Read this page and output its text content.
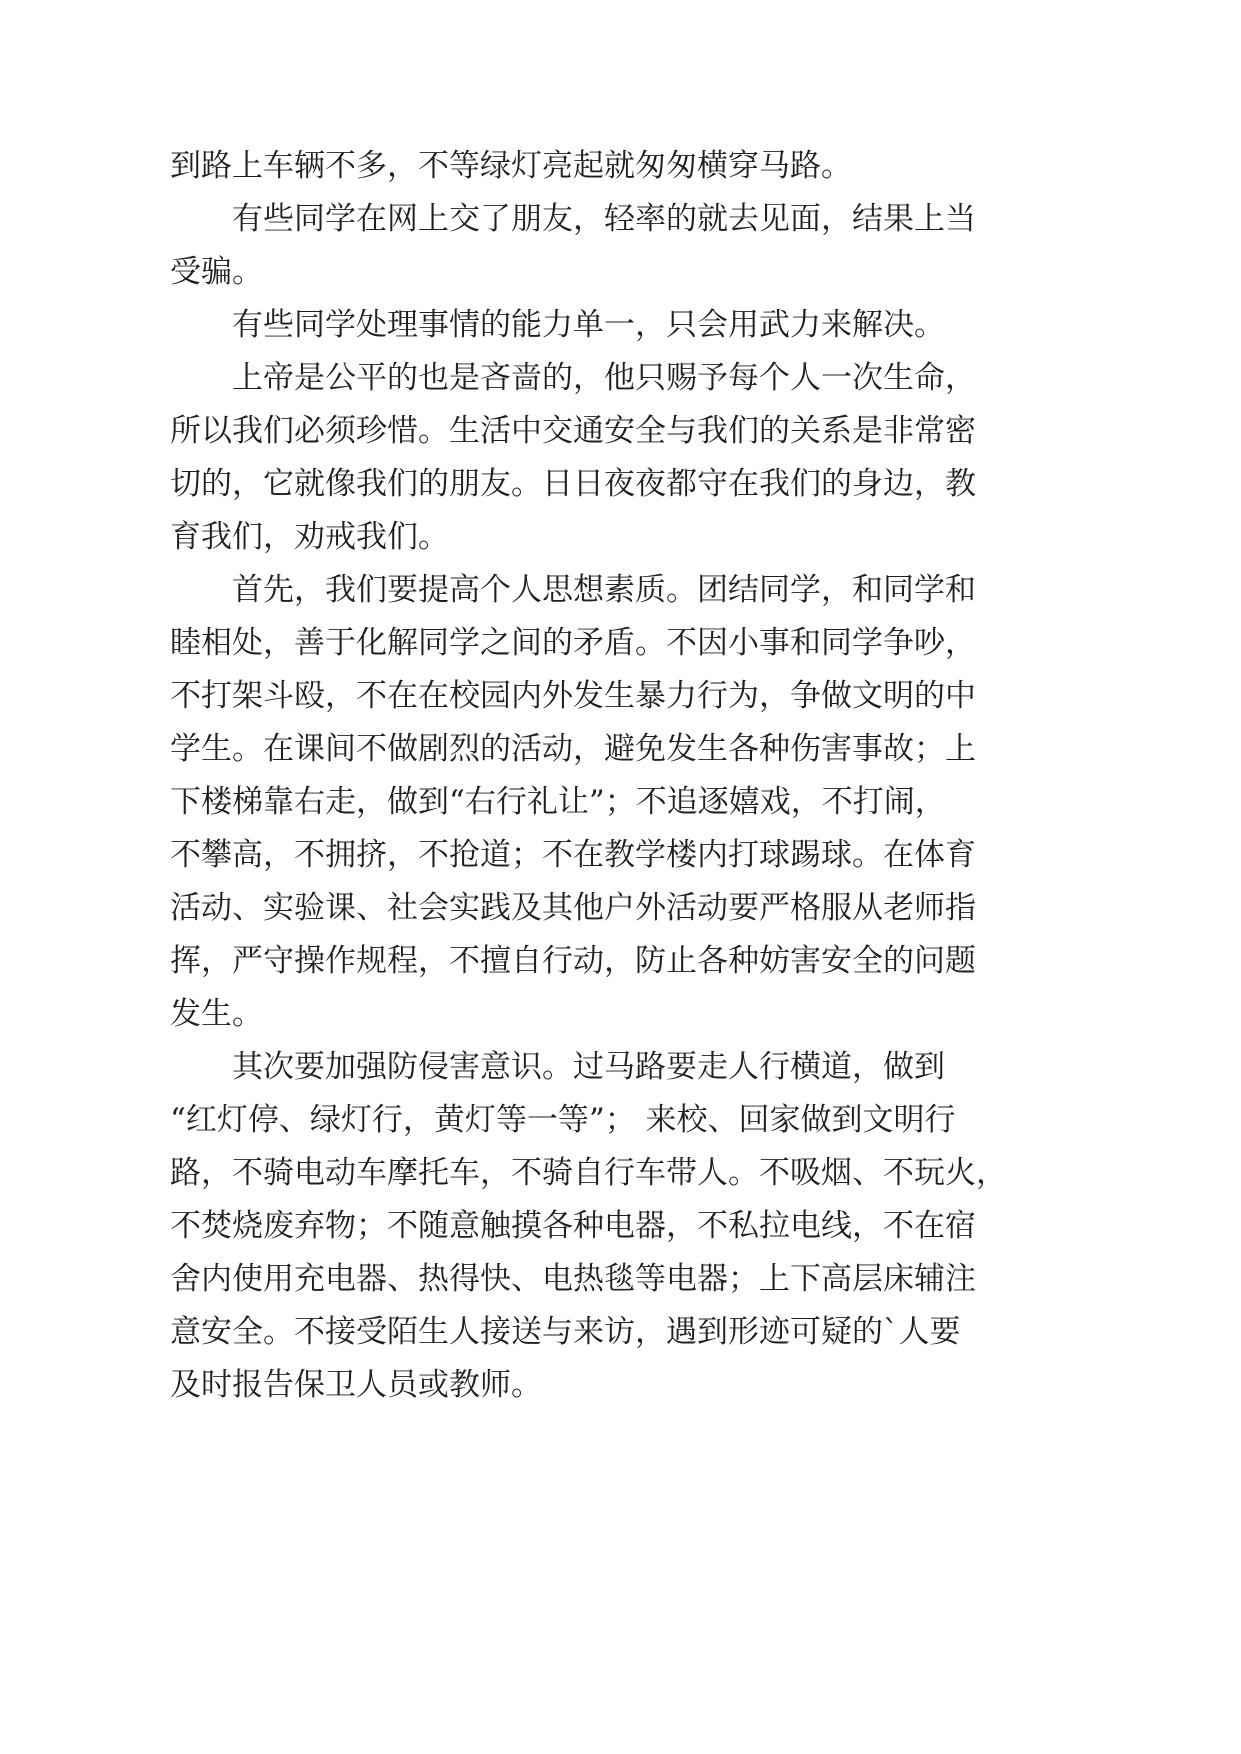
到路上车辆不多，不等绿灯亮起就匆匆横穿马路。

有些同学在网上交了朋友，轻率的就去见面，结果上当

受骗。

有些同学处理事情的能力单一，只会用武力来解决。

上帝是公平的也是吝啬的，他只赐予每个人一次生命，

所以我们必须珍惜。生活中交通安全与我们的关系是非常密

切的，它就像我们的朋友。日日夜夜都守在我们的身边，教

育我们，劝戒我们。

首先，我们要提高个人思想素质。团结同学，和同学和

睦相处，善于化解同学之间的矛盾。不因小事和同学争吵，

不打架斗殴，不在在校园内外发生暴力行为，争做文明的中

学生。在课间不做剧烈的活动，避免发生各种伤害事故；上

下楼梯靠右走，做到“右行礼让”；不追逐嬉戏，不打闹，

不攀高，不拥挤，不抢道；不在教学楼内打球踢球。在体育

活动、实验课、社会实践及其他户外活动要严格服从老师指

挥，严守操作规程，不擅自行动，防止各种妨害安全的问题

发生。

其次要加强防侵害意识。过马路要走人行横道，做到

“红灯停、绿灯行，黄灯等一等”； 来校、回家做到文明行

路，不骑电动车摩托车，不骑自行车带人。不吸烟、不玩火，

不焚烧废弃物；不随意触摸各种电器，不私拉电线，不在宿

舍内使用充电器、热得快、电热毯等电器；上下高层床辅注

意安全。不接受陌生人接送与来访，遇到形迹可疑的`人要

及时报告保卫人员或教师。
